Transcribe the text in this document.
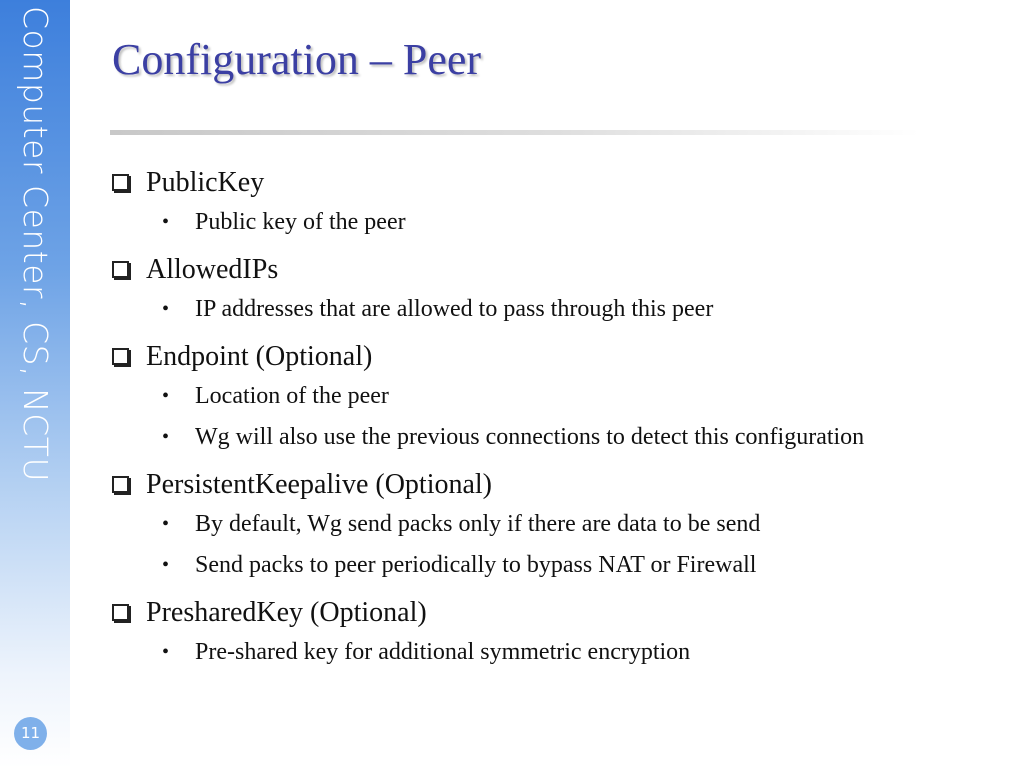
Computer Center, CS, NCTU Configuration – Peer
PublicKey
•	Public key of the peer
AllowedIPs
•	IP addresses that are allowed to pass through this peer
Endpoint (Optional)
•	Location of the peer
•	Wg will also use the previous connections to detect this configuration
PersistentKeepalive (Optional)
•	By default, Wg send packs only if there are data to be send
•	Send packs to peer periodically to bypass NAT or Firewall
PresharedKey (Optional)
•	Pre-shared key for additional symmetric encryption
11
